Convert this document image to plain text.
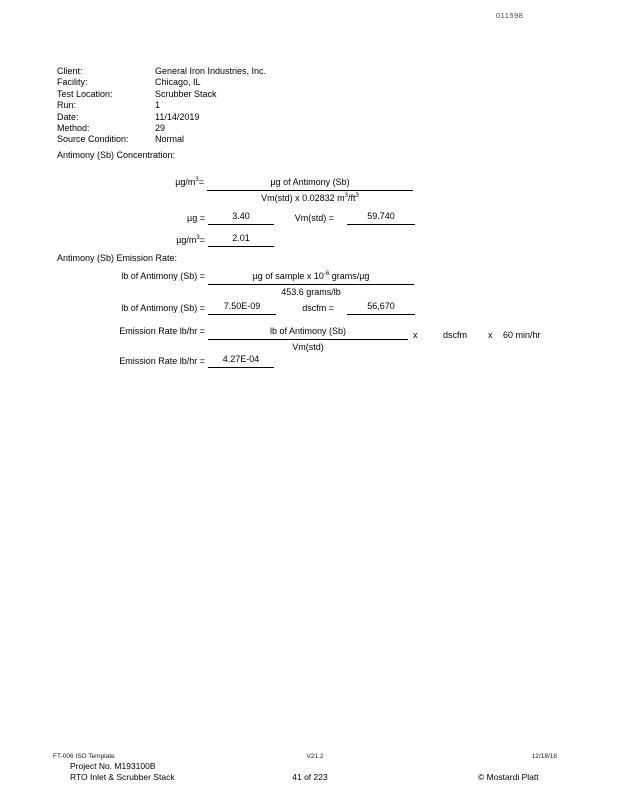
011598
Client:	General Iron Industries, Inc.
Facility:	Chicago, IL
Test Location:	Scrubber Stack
Run:	1
Date:	11/14/2019
Method:	29
Source Condition:	Normal
Antimony (Sb) Concentration:
$\mu g/m^3=$	µg of Antimony (Sb)
Vm(std) x 0.02832 $m^3/ft^3$
µg =	3.40	Vm(std) =	59.740
$\mu g/m^3=$	2.01
Antimony (Sb) Emission Rate:
lb of Antimony (Sb) =	µg of sample x $10^{-6}$ grams/µg
453.6 grams/lb
lb of Antimony (Sb) =	7.50E-09	dscfm =	56,670
Emission Rate lb/hr =	lb of Antimony (Sb)
Vm(std)
x	dscfm x 60 min/hr
Emission Rate lb/hr =	4.27E-04
FT-006 ISO Template	V21.2	12/18/18
Project No. M193100B
RTO Inlet & Scrubber Stack	41 of 223	© Mostardi Platt
